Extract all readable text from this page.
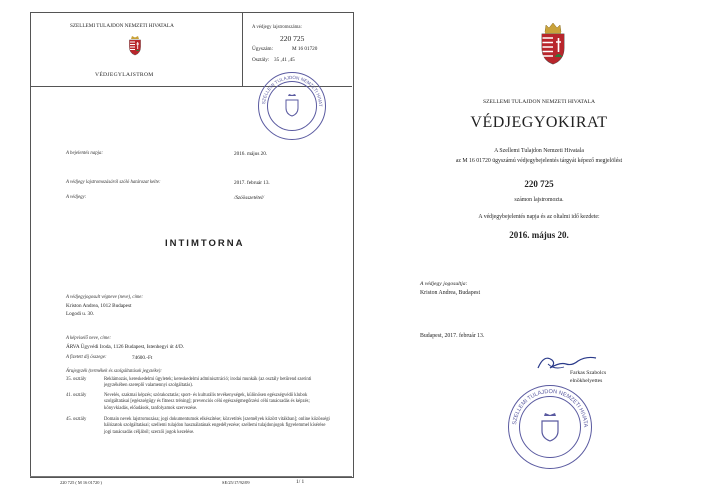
SZELLEMI TULAJDON NEMZETI HIVATALA
VÉDJEGYLAJSTROM
A védjegy lajstromszáma:
220 725
Ügyszám:	M 16 01720
Osztály: 35 ,41 ,45
SZELLEMI TULAJDON NEMZETI HIVAT
A bejelentés napja:	2016. május 20.
A védjegy lajstromozásáról szóló határozat kelte:	2017. február 13.
A védjegy:	/Szóösszetétel/
INTIMTORNA
A védjegyjogosult végneve (neve), címe:
Kriston Andrea, 1012 Budapest
Logodi u. 30.
A képviselő neve, címe:
ÁRVA Ügyvédi Iroda, 1126 Budapest, Istenhegyi út 4/D.
A fizetett díj összege:	74600.-Ft
Árujegyzék (termékek és szolgáltatások jegyzéke):
35. osztály	Reklámozás, kereskedelmi ügyletek; kereskedelmi adminisztráció; irodai munkák (az osztály betűrend szerinti jegyzékében szereplő valamennyi szolgáltatás).
41. osztály	Nevelés, szakmai képzés; szórakoztatás; sport- és kulturális tevékenységek, különösen egészségvédő klubok szolgáltatásai [egészségügy és fitnesz tréning]; prevenciós célú egészségmegőrzési célú tanácsadás és képzés; könyvkiadás, előadások, tanfolyamok szervezése.
45. osztály	Domain nevek lajstromozása; jogi dokumentumok elkészítése; közvetítés [személyek között vitákban]; online közösségi hálózatok szolgáltatásai; szellemi tulajdon használatának engedélyezése; szellemi tulajdonjogok figyelemmel kísérése jogi tanácsadás céljából; szerzői jogok kezelése.
220 725 ( M 16 01720 )	SE/25/17/92/09	1/ 1
SZELLEMI TULAJDON NEMZETI HIVATALA
VÉDJEGYOKIRAT
A Szellemi Tulajdon Nemzeti Hivatala
az M 16 01720 ügyszámú védjegybejelentés tárgyát képező megjelölést
220 725
számon lajstromozta.
A védjegybejelentés napja és az oltalmi idő kezdete:
2016. május 20.
A védjegy jogosultja:
Kriston Andrea, Budapest
Budapest, 2017. február 13.
Farkas Szabolcs
elnökhelyettes
SZELLEMI TULAJDON NEMZETI HIVATA
